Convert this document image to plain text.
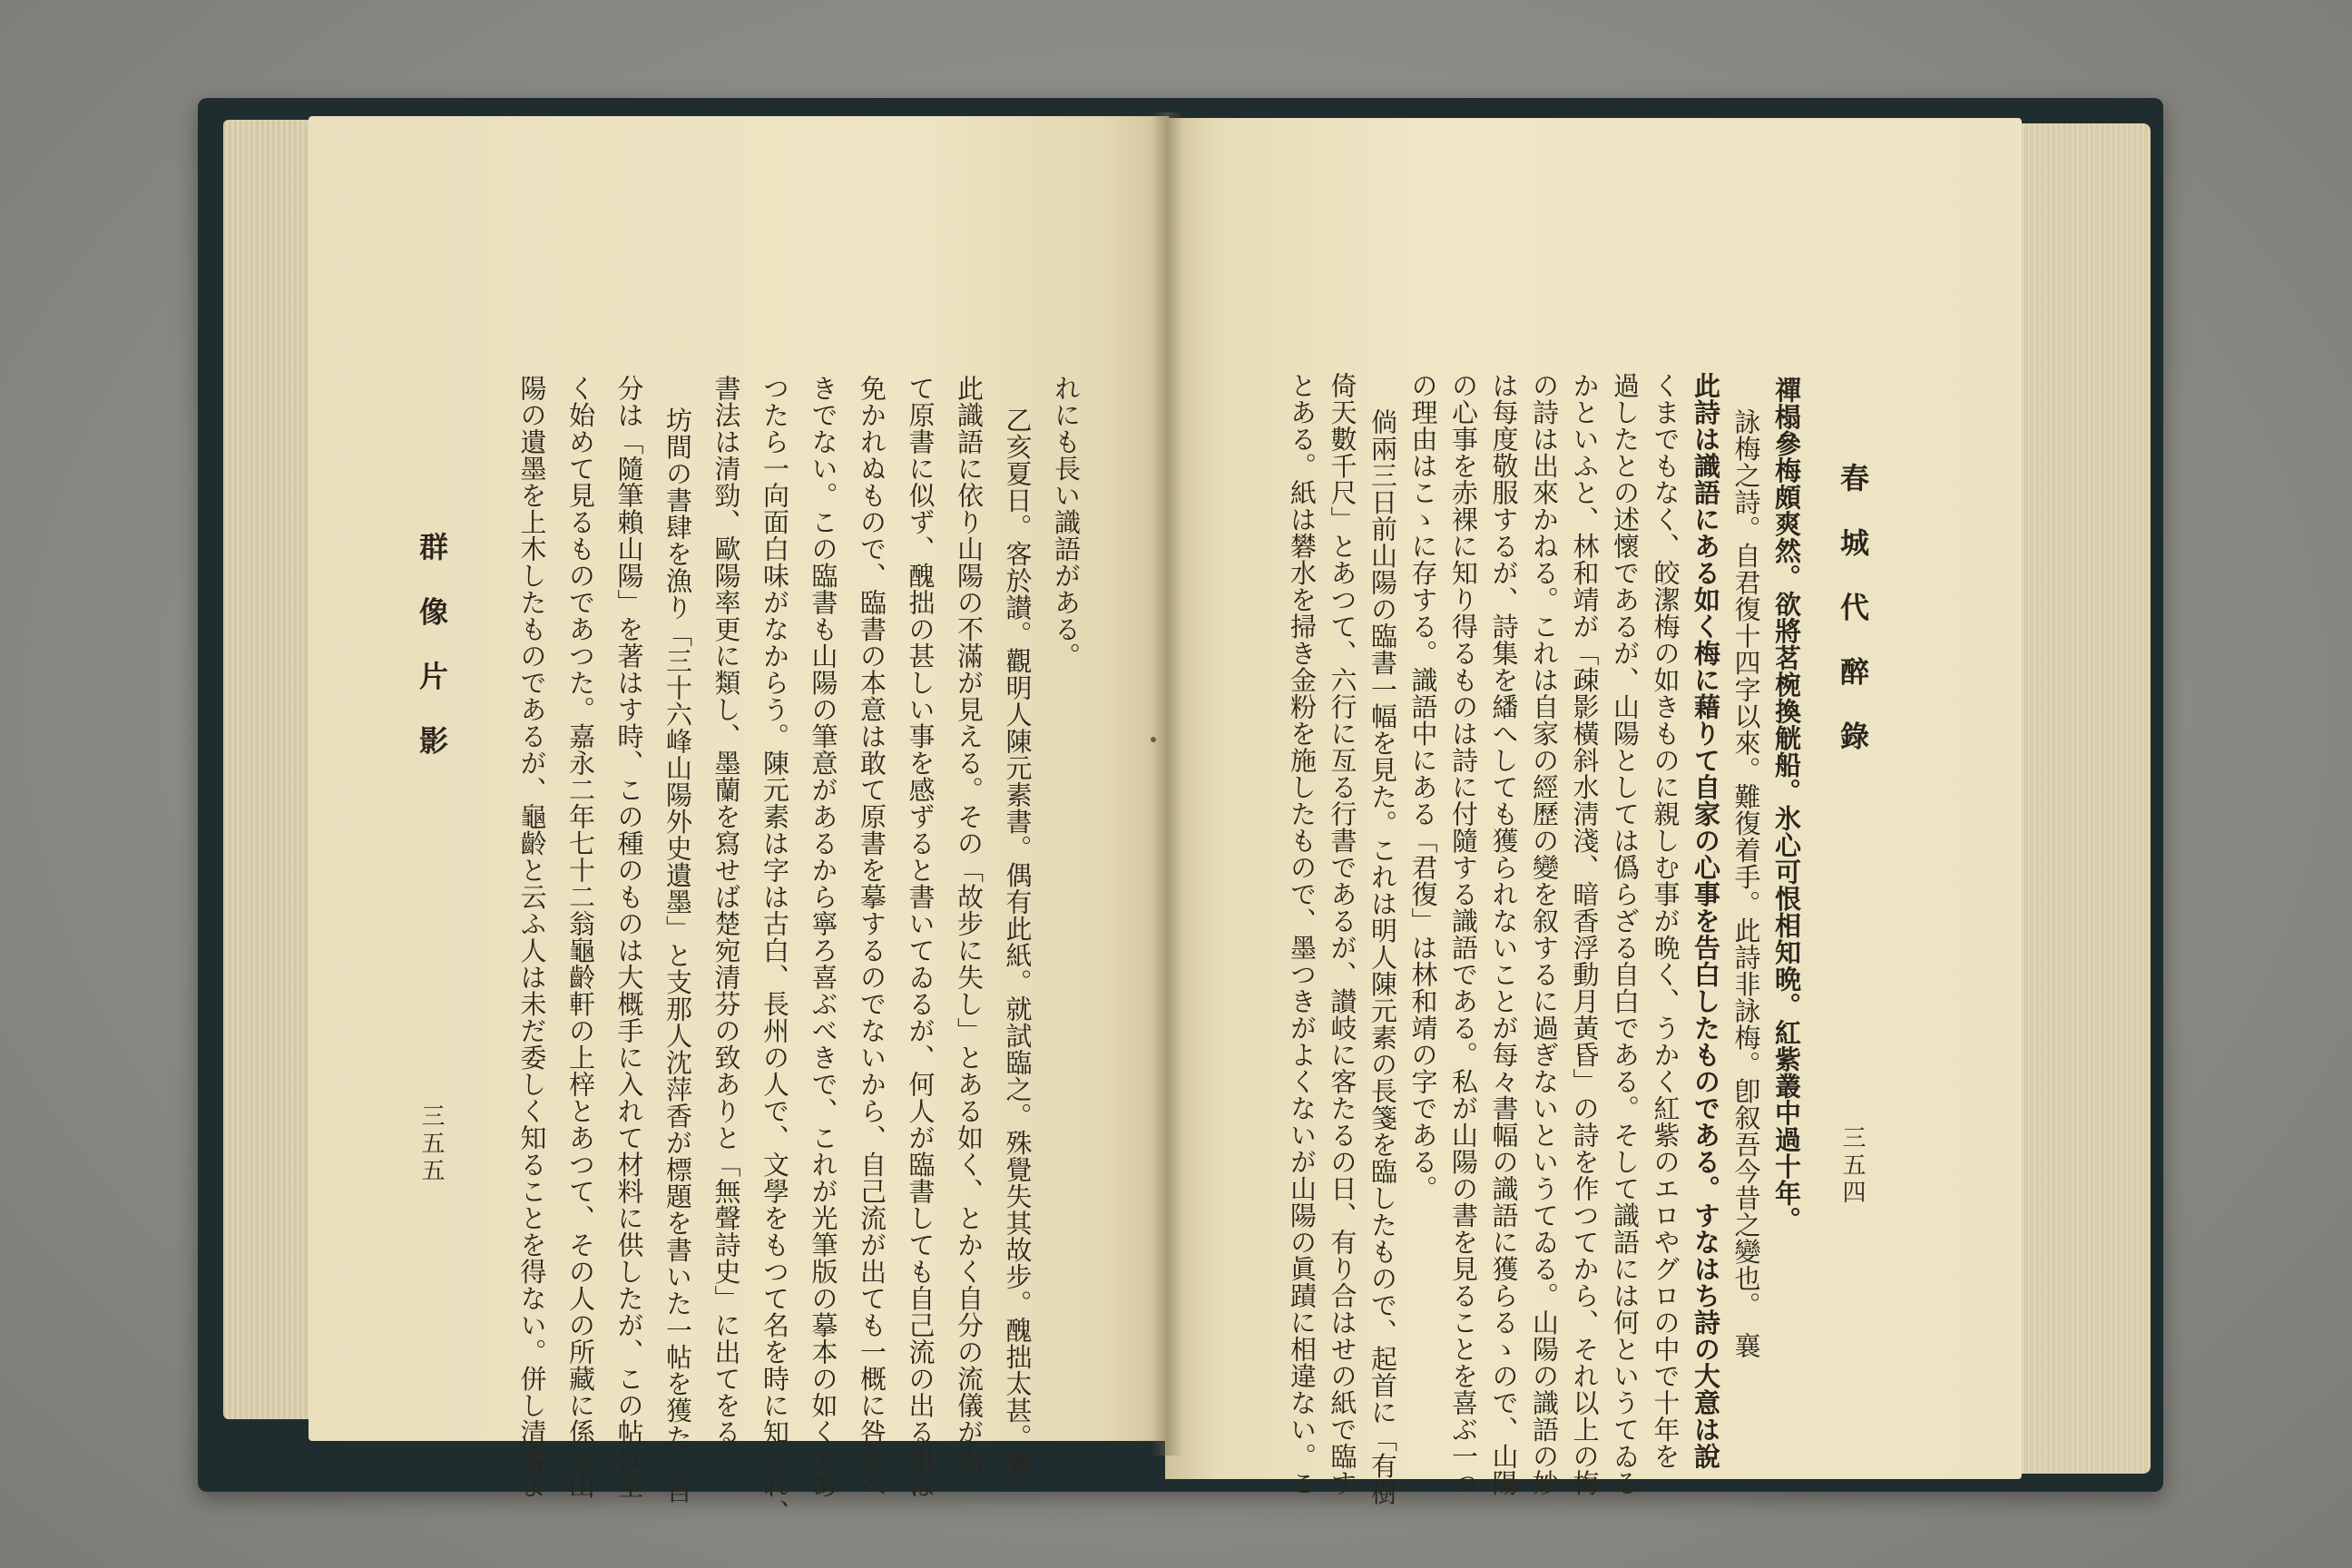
群 像 片 影
三五五
れにも長い識語がある。
乙亥夏日。客於讃。觀明人陳元素書。偶有此紙。就試臨之。殊覺失其故步。醜拙太甚。襄
此識語に依り山陽の不滿が見える。その「故步に失し」とある如く、とかく自分の流儀が出
て原書に似ず、醜拙の甚しい事を感ずると書いてゐるが、何人が臨書しても自己流の出る事は
免かれぬもので、臨書の本意は敢て原書を摹するのでないから、自己流が出ても一概に咎むべ
きでない。この臨書も山陽の筆意があるから寧ろ喜ぶべきで、これが光筆版の摹本の如くであ
つたら一向面白味がなからう。陳元素は字は古白、長州の人で、文學をもつて名を時に知られ、
書法は清勁、歐陽率更に類し、墨蘭を寫せば楚宛清芬の致ありと「無聲詩史」に出てをる。
坊間の書肆を漁り「三十六峰山陽外史遺墨」と支那人沈萍香が標題を書いた一帖を獲た。自
分は「隨筆賴山陽」を著はす時、この種のものは大概手に入れて材料に供したが、この帖は全
く始めて見るものであつた。嘉永二年七十二翁龜齡軒の上梓とあつて、その人の所藏に係る山
陽の遺墨を上木したものであるが、龜齡と云ふ人は未だ委しく知ることを得ない。併し清客よ	春 城 代 醉 錄
三五四
禪榻參梅頗爽然。欲將茗椀換觥船。氷心可恨相知晩。紅紫叢中過十年。
詠梅之詩。自君復十四字以來。難復着手。此詩非詠梅。卽叙吾今昔之變也。　襄
此詩は識語にある如く梅に藉りて自家の心事を告白したものである。すなはち詩の大意は說
くまでもなく、皎潔梅の如きものに親しむ事が晩く、うかく紅紫のエロやグロの中で十年を
過したとの述懷であるが、山陽としては僞らざる自白である。そして識語には何というてゐる
かといふと、林和靖が「疎影橫斜水淸淺、暗香浮動月黃昏」の詩を作つてから、それ以上の梅
の詩は出來かねる。これは自家の經歷の變を叙するに過ぎないというてゐる。山陽の識語の妙
は每度敬服するが、詩集を繙へしても獲られないことが每々書幅の識語に獲らるゝので、山陽
の心事を赤裸に知り得るものは詩に付隨する識語である。私が山陽の書を見ることを喜ぶ一つ
の理由はこゝに存する。識語中にある「君復」は林和靖の字である。
倘兩三日前山陽の臨書一幅を見た。これは明人陳元素の長箋を臨したもので、起首に「有樹
倚天數千尺」とあつて、六行に亙る行書であるが、讃岐に客たるの日、有り合はせの紙で臨す
とある。紙は礬水を掃き金粉を施したもので、墨つきがよくないが山陽の眞蹟に相違ない。こ
